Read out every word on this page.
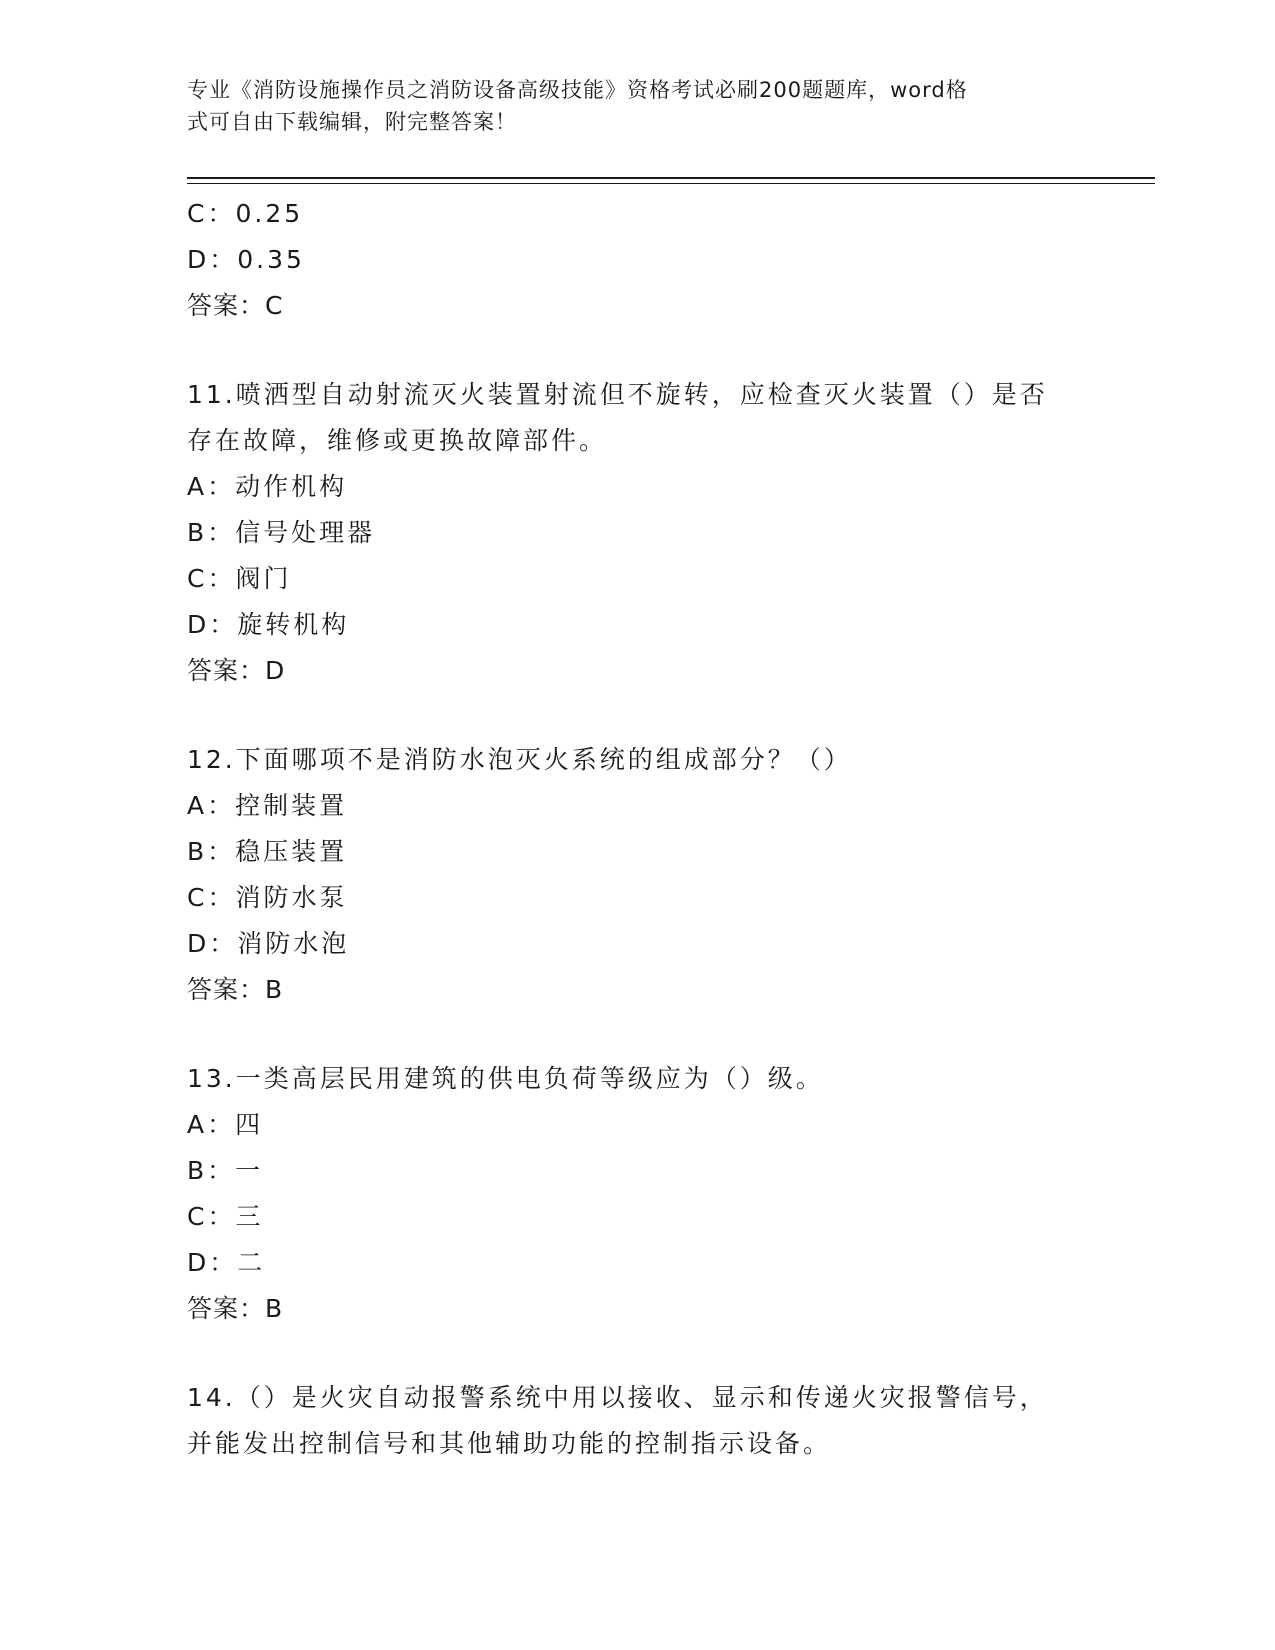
专业《消防设施操作员之消防设备高级技能》资格考试必刷200题题库，word格
式可自由下载编辑，附完整答案！
C：0.25
D：0.35
答案：C
11.喷洒型自动射流灭火装置射流但不旋转，应检查灭火装置（）是否
存在故障，维修或更换故障部件。
A：动作机构
B：信号处理器
C：阀门
D：旋转机构
答案：D
12.下面哪项不是消防水泡灭火系统的组成部分？（）
A：控制装置
B：稳压装置
C：消防水泵
D：消防水泡
答案：B
13.一类高层民用建筑的供电负荷等级应为（）级。
A：四
B：一
C：三
D：二
答案：B
14.（）是火灾自动报警系统中用以接收、显示和传递火灾报警信号，
并能发出控制信号和其他辅助功能的控制指示设备。
